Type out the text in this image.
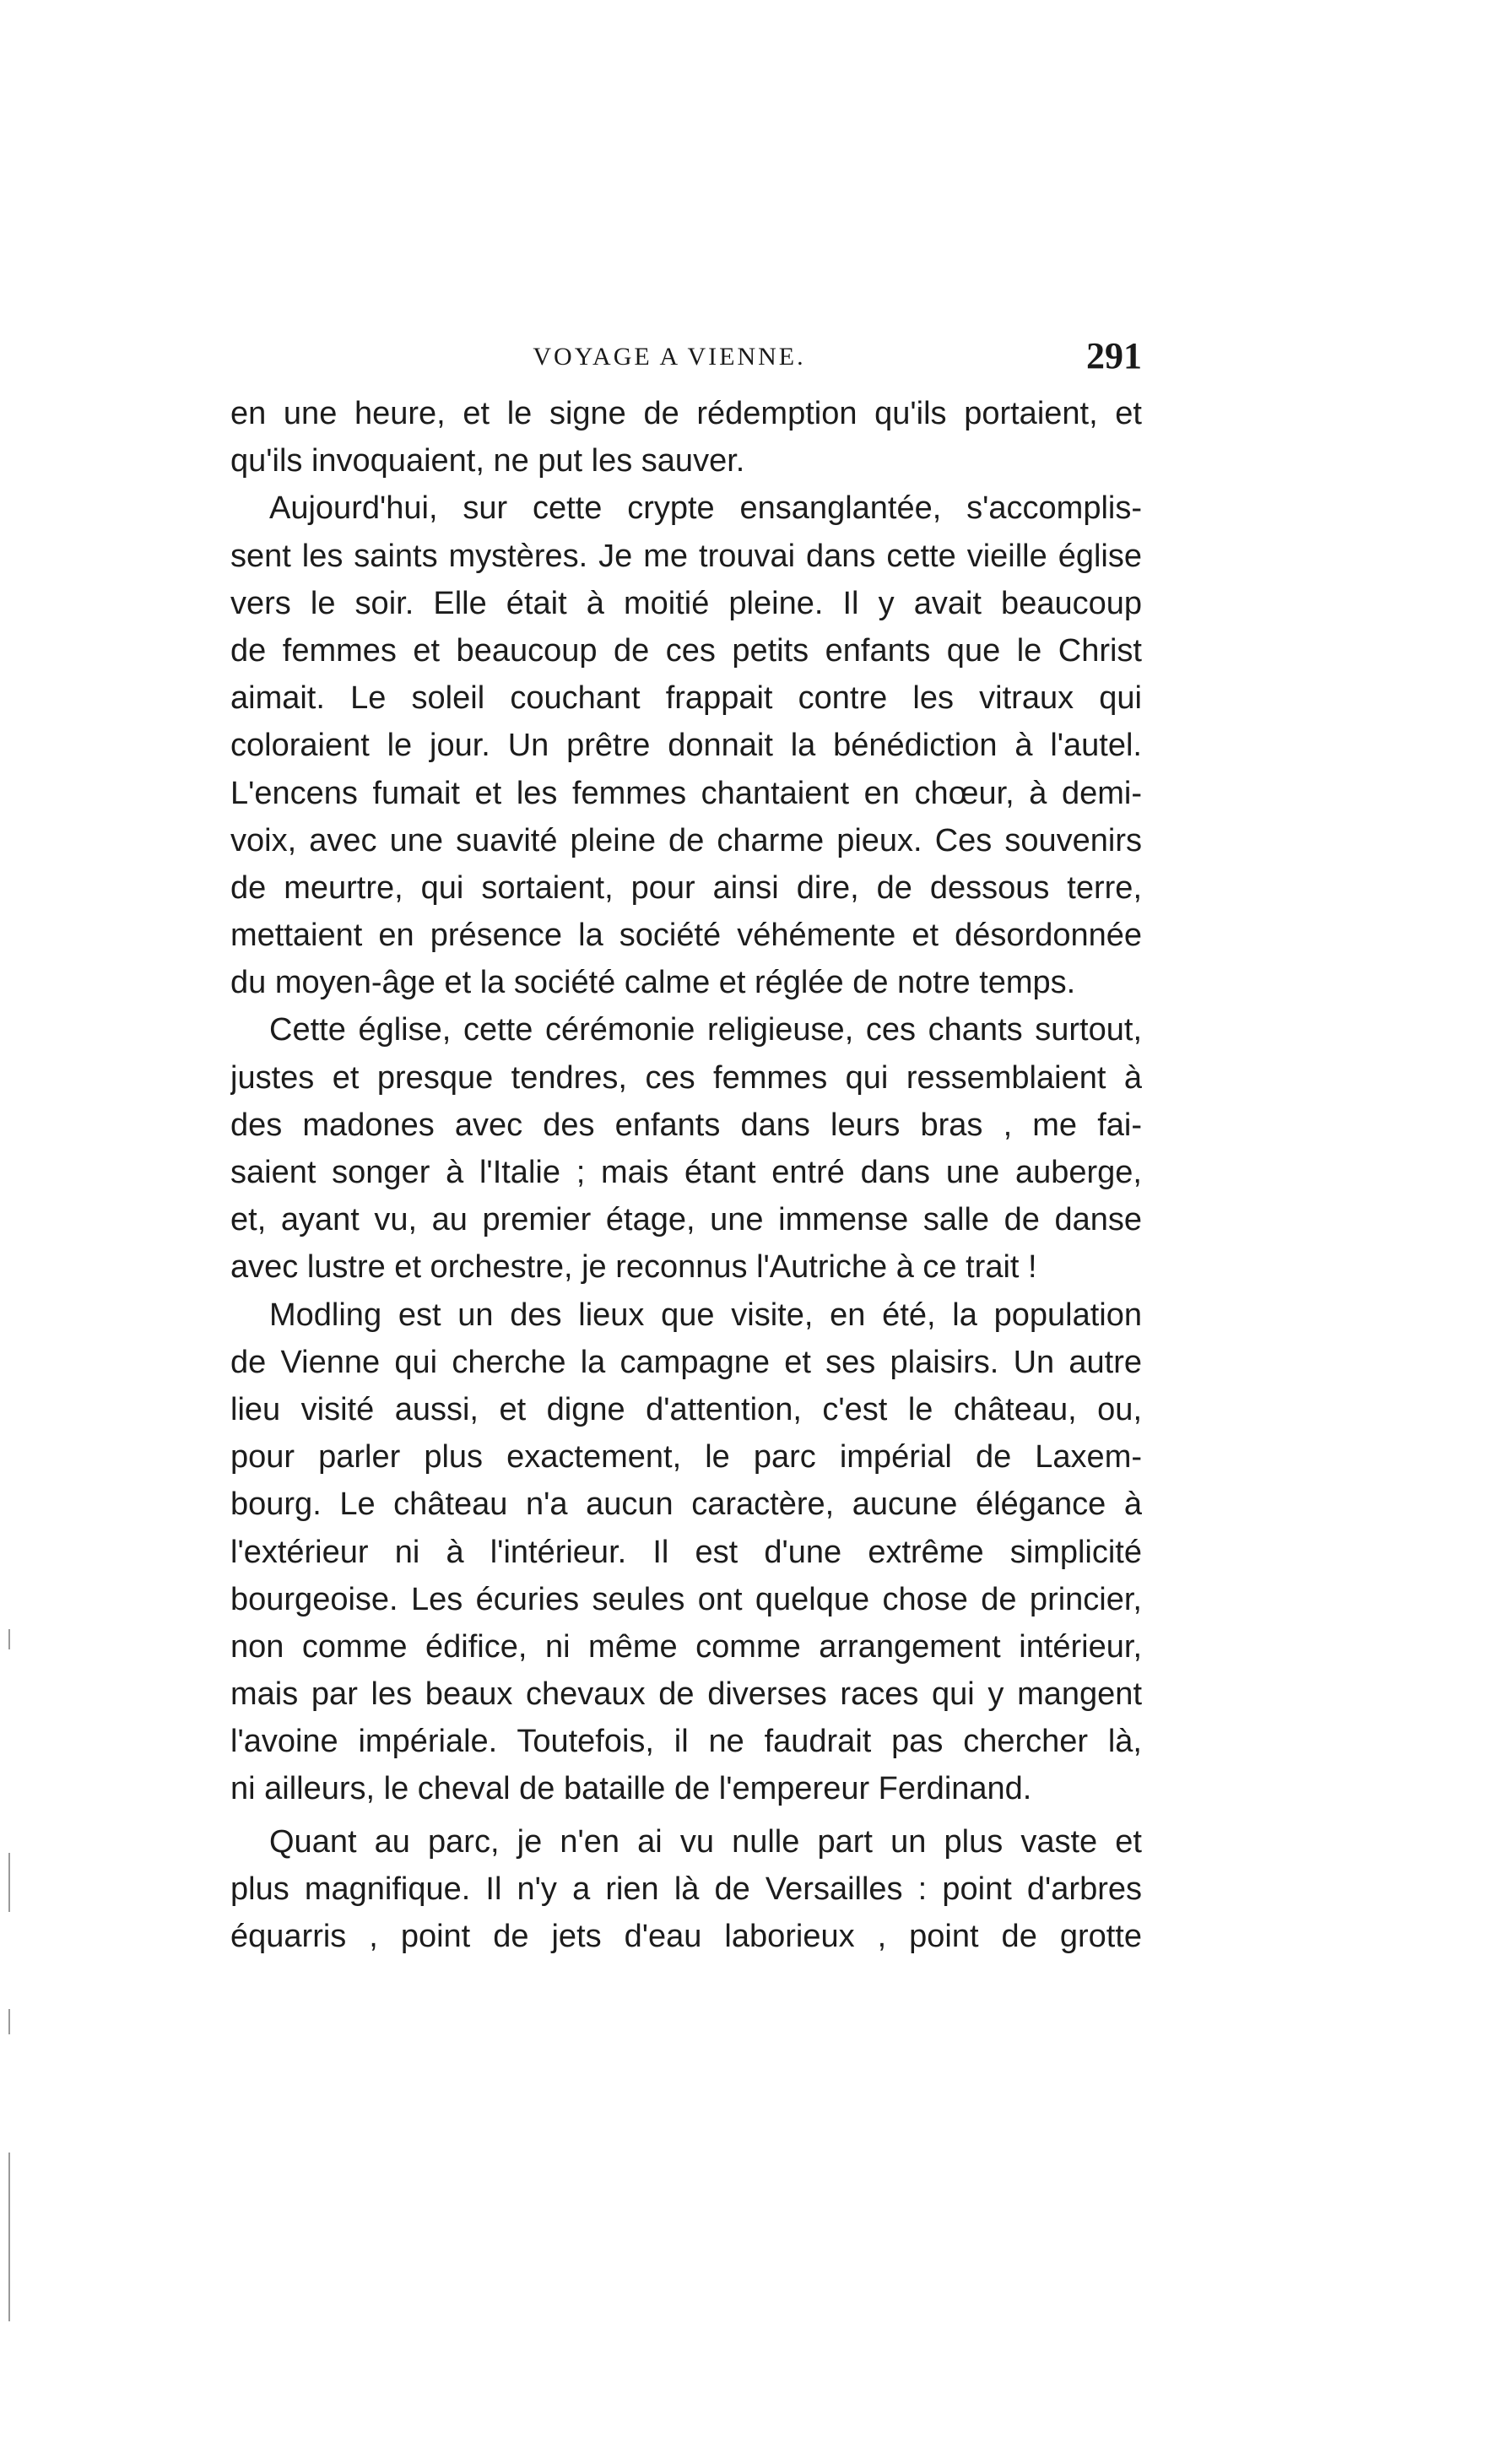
VOYAGE A VIENNE.	291
en une heure, et le signe de rédemption qu'ils portaient, et
qu'ils invoquaient, ne put les sauver.
Aujourd'hui, sur cette crypte ensanglantée, s'accomplis-
sent les saints mystères. Je me trouvai dans cette vieille église
vers le soir. Elle était à moitié pleine. Il y avait beaucoup
de femmes et beaucoup de ces petits enfants que le Christ
aimait. Le soleil couchant frappait contre les vitraux qui
coloraient le jour. Un prêtre donnait la bénédiction à l'autel.
L'encens fumait et les femmes chantaient en chœur, à demi-
voix, avec une suavité pleine de charme pieux. Ces souvenirs
de meurtre, qui sortaient, pour ainsi dire, de dessous terre,
mettaient en présence la société véhémente et désordonnée
du moyen-âge et la société calme et réglée de notre temps.
Cette église, cette cérémonie religieuse, ces chants surtout,
justes et presque tendres, ces femmes qui ressemblaient à
des madones avec des enfants dans leurs bras , me fai-
saient songer à l'Italie ; mais étant entré dans une auberge,
et, ayant vu, au premier étage, une immense salle de danse
avec lustre et orchestre, je reconnus l'Autriche à ce trait !
Modling est un des lieux que visite, en été, la population
de Vienne qui cherche la campagne et ses plaisirs. Un autre
lieu visité aussi, et digne d'attention, c'est le château, ou,
pour parler plus exactement, le parc impérial de Laxem-
bourg. Le château n'a aucun caractère, aucune élégance à
l'extérieur ni à l'intérieur. Il est d'une extrême simplicité
bourgeoise. Les écuries seules ont quelque chose de princier,
non comme édifice, ni même comme arrangement intérieur,
mais par les beaux chevaux de diverses races qui y mangent
l'avoine impériale. Toutefois, il ne faudrait pas chercher là,
ni ailleurs, le cheval de bataille de l'empereur Ferdinand.
Quant au parc, je n'en ai vu nulle part un plus vaste et
plus magnifique. Il n'y a rien là de Versailles : point d'arbres
équarris , point de jets d'eau laborieux , point de grotte
